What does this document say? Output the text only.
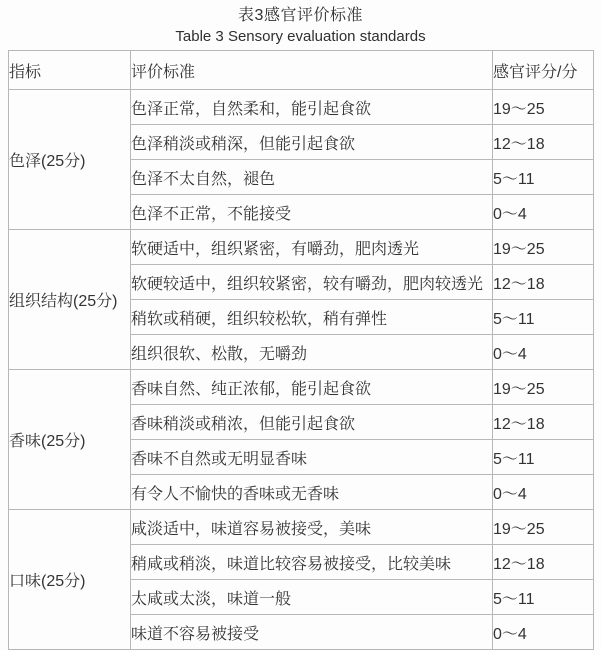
表3感官评价标准
Table 3 Sensory evaluation standards
指标	评价标准	感官评分/分
色泽(25分)	色泽正常，自然柔和，能引起食欲	19～25
	色泽稍淡或稍深，但能引起食欲	12～18
	色泽不太自然，褪色	5～11
	色泽不正常，不能接受	0～4
组织结构(25分)	软硬适中，组织紧密，有嚼劲，肥肉透光	19～25
	软硬较适中，组织较紧密，较有嚼劲，肥肉较透光	12～18
	稍软或稍硬，组织较松软，稍有弹性	5～11
	组织很软、松散，无嚼劲	0～4
香味(25分)	香味自然、纯正浓郁，能引起食欲	19～25
	香味稍淡或稍浓，但能引起食欲	12～18
	香味不自然或无明显香味	5～11
	有令人不愉快的香味或无香味	0～4
口味(25分)	咸淡适中，味道容易被接受，美味	19～25
	稍咸或稍淡，味道比较容易被接受，比较美味	12～18
	太咸或太淡，味道一般	5～11
	味道不容易被接受	0～4
